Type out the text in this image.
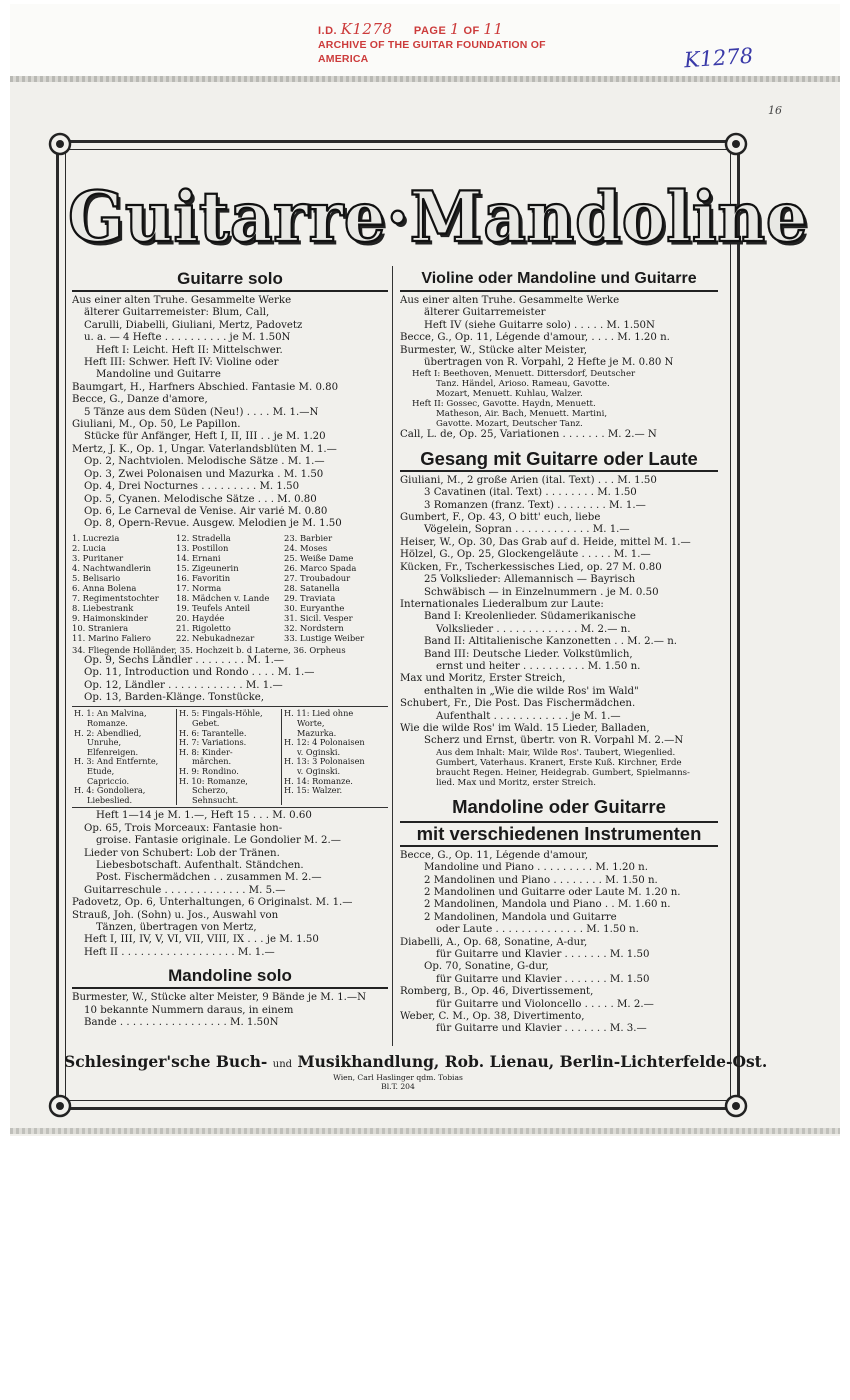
I.D. K1278 PAGE 1 OF 11
ARCHIVE OF THE GUITAR FOUNDATION OF AMERICA	K1278
16
Guitarre·Mandoline
Guitarre solo

Aus einer alten Truhe. Gesammelte Werke

älterer Guitarremeister: Blum, Call,

Carulli, Diabelli, Giuliani, Mertz, Padovetz

u. a. — 4 Hefte . . . . . . . . . . je M. 1.50N

Heft I: Leicht. Heft II: Mittelschwer.

Heft III: Schwer. Heft IV: Violine oder

Mandoline und Guitarre

Baumgart, H., Harfners Abschied. Fantasie M. 0.80

Becce, G., Danze d'amore,

5 Tänze aus dem Süden (Neu!) . . . . M. 1.—N

Giuliani, M., Op. 50, Le Papillon.

Stücke für Anfänger, Heft I, II, III . . je M. 1.20

Mertz, J. K., Op. 1, Ungar. Vaterlandsblüten M. 1.—

Op. 2, Nachtviolen. Melodische Sätze . M. 1.—

Op. 3, Zwei Polonaisen und Mazurka . M. 1.50

Op. 4, Drei Nocturnes . . . . . . . . . M. 1.50

Op. 5, Cyanen. Melodische Sätze . . . M. 0.80

Op. 6, Le Carneval de Venise. Air varié M. 0.80

Op. 8, Opern-Revue. Ausgew. Melodien je M. 1.50

1. Lucrezia	12. Stradella	23. Barbier
2. Lucia	13. Postillon	24. Moses
3. Puritaner	14. Ernani	25. Weiße Dame
4. Nachtwandlerin	15. Zigeunerin	26. Marco Spada
5. Belisario	16. Favoritin	27. Troubadour
6. Anna Bolena	17. Norma	28. Satanella
7. Regimentstochter	18. Mädchen v. Lande	29. Traviata
8. Liebestrank	19. Teufels Anteil	30. Euryanthe
9. Haimonskinder	20. Haydée	31. Sicil. Vesper
10. Straniera	21. Rigoletto	32. Nordstern
11. Marino Faliero	22. Nebukadnezar	33. Lustige Weiber

34. Fliegende Holländer, 35. Hochzeit b. d Laterne, 36. Orpheus

Op. 9, Sechs Ländler . . . . . . . . M. 1.—

Op. 11, Introduction und Rondo . . . . M. 1.—

Op. 12, Ländler . . . . . . . . . . . . M. 1.—

Op. 13, Barden-Klänge. Tonstücke,

H. 1: An Malvina,
Romanze.
H. 2: Abendlied,
Unruhe,
Elfenreigen.
H. 3: And Entfernte,
Etude,
Capriccio.
H. 4: Gondoliera,
Liebeslied.
H. 5: Fingals-Höhle,
Gebet.
H. 6: Tarantelle.
H. 7: Variations.
H. 8: Kinder-
märchen.
H. 9: Rondino.
H. 10: Romanze,
Scherzo,
Sehnsucht.
H. 11: Lied ohne
Worte,
Mazurka.
H. 12: 4 Polonaisen
v. Oginski.
H. 13: 3 Polonaisen
v. Oginski.
H. 14: Romanze.
H. 15: Walzer.

Heft 1—14 je M. 1.—, Heft 15 . . . M. 0.60

Op. 65, Trois Morceaux: Fantasie hon-

groise. Fantasie originale. Le Gondolier M. 2.—

Lieder von Schubert: Lob der Tränen.

Liebesbotschaft. Aufenthalt. Ständchen.

Post. Fischermädchen . . zusammen M. 2.—

Guitarreschule . . . . . . . . . . . . . M. 5.—

Padovetz, Op. 6, Unterhaltungen, 6 Originalst. M. 1.—

Strauß, Joh. (Sohn) u. Jos., Auswahl von

Tänzen, übertragen von Mertz,

Heft I, III, IV, V, VI, VII, VIII, IX . . . je M. 1.50

Heft II . . . . . . . . . . . . . . . . . . M. 1.—

Mandoline solo

Burmester, W., Stücke alter Meister, 9 Bände je M. 1.—N

10 bekannte Nummern daraus, in einem

Bande . . . . . . . . . . . . . . . . . M. 1.50N

Violine oder Mandoline und Guitarre

Aus einer alten Truhe. Gesammelte Werke

älterer Guitarremeister

Heft IV (siehe Guitarre solo) . . . . . M. 1.50N

Becce, G., Op. 11, Légende d'amour, . . . . M. 1.20 n.

Burmester, W., Stücke alter Meister,

übertragen von R. Vorpahl, 2 Hefte je M. 0.80 N

Heft I: Beethoven, Menuett. Dittersdorf, Deutscher

Tanz. Händel, Arioso. Rameau, Gavotte.

Mozart, Menuett. Kuhlau, Walzer.

Heft II: Gossec, Gavotte. Haydn, Menuett.

Matheson, Air. Bach, Menuett. Martini,

Gavotte. Mozart, Deutscher Tanz.

Call, L. de, Op. 25, Variationen . . . . . . . M. 2.— N

Gesang mit Guitarre oder Laute

Giuliani, M., 2 große Arien (ital. Text) . . . M. 1.50

3 Cavatinen (ital. Text) . . . . . . . . M. 1.50

3 Romanzen (franz. Text) . . . . . . . . M. 1.—

Gumbert, F., Op. 43, O bitt' euch, liebe

Vögelein, Sopran . . . . . . . . . . . . M. 1.—

Heiser, W., Op. 30, Das Grab auf d. Heide, mittel M. 1.—

Hölzel, G., Op. 25, Glockengeläute . . . . . M. 1.—

Kücken, Fr., Tscherkessisches Lied, op. 27 M. 0.80

25 Volkslieder: Allemannisch — Bayrisch

Schwäbisch — in Einzelnummern . je M. 0.50

Internationales Liederalbum zur Laute:

Band I: Kreolenlieder. Südamerikanische

Volkslieder . . . . . . . . . . . . . M. 2.— n.

Band II: Altitalienische Kanzonetten . . M. 2.— n.

Band III: Deutsche Lieder. Volkstümlich,

ernst und heiter . . . . . . . . . . M. 1.50 n.

Max und Moritz, Erster Streich,

enthalten in „Wie die wilde Ros' im Wald"

Schubert, Fr., Die Post. Das Fischermädchen.

Aufenthalt . . . . . . . . . . . . je M. 1.—

Wie die wilde Ros' im Wald. 15 Lieder, Balladen,

Scherz und Ernst, übertr. von R. Vorpahl M. 2.—N

Aus dem Inhalt: Mair, Wilde Ros'. Taubert, Wiegenlied.

Gumbert, Vaterhaus. Kranert, Erste Kuß. Kirchner, Erde

braucht Regen. Heiner, Heidegrab. Gumbert, Spielmanns-

lied. Max und Moritz, erster Streich.

Mandoline oder Guitarre
mit verschiedenen Instrumenten

Becce, G., Op. 11, Légende d'amour,

Mandoline und Piano . . . . . . . . . M. 1.20 n.

2 Mandolinen und Piano . . . . . . . . M. 1.50 n.

2 Mandolinen und Guitarre oder Laute M. 1.20 n.

2 Mandolinen, Mandola und Piano . . M. 1.60 n.

2 Mandolinen, Mandola und Guitarre

oder Laute . . . . . . . . . . . . . . M. 1.50 n.

Diabelli, A., Op. 68, Sonatine, A-dur,

für Guitarre und Klavier . . . . . . . M. 1.50

Op. 70, Sonatine, G-dur,

für Guitarre und Klavier . . . . . . . M. 1.50

Romberg, B., Op. 46, Divertissement,

für Guitarre und Violoncello . . . . . M. 2.—

Weber, C. M., Op. 38, Divertimento,

für Guitarre und Klavier . . . . . . . M. 3.—

Schlesinger'sche Buch- und Musikhandlung, Rob. Lienau, Berlin-Lichterfelde-Ost.
Wien, Carl Haslinger qdm. Tobias
Bl.T. 204
